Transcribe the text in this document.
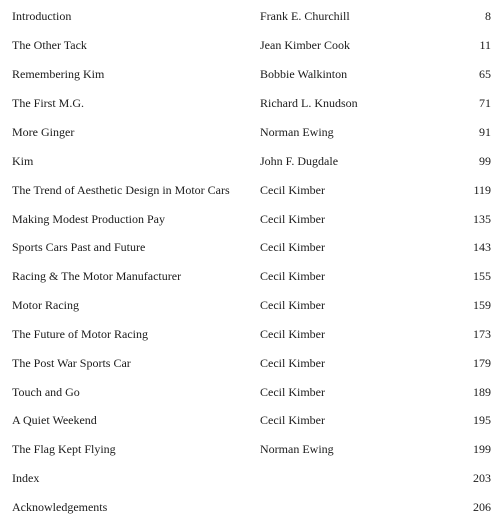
Introduction	Frank E. Churchill	8
The Other Tack	Jean Kimber Cook	11
Remembering Kim	Bobbie Walkinton	65
The First M.G.	Richard L. Knudson	71
More Ginger	Norman Ewing	91
Kim	John F. Dugdale	99
The Trend of Aesthetic Design in Motor Cars	Cecil Kimber	119
Making Modest Production Pay	Cecil Kimber	135
Sports Cars Past and Future	Cecil Kimber	143
Racing & The Motor Manufacturer	Cecil Kimber	155
Motor Racing	Cecil Kimber	159
The Future of Motor Racing	Cecil Kimber	173
The Post War Sports Car	Cecil Kimber	179
Touch and Go	Cecil Kimber	189
A Quiet Weekend	Cecil Kimber	195
The Flag Kept Flying	Norman Ewing	199
Index	203
Acknowledgements	206
